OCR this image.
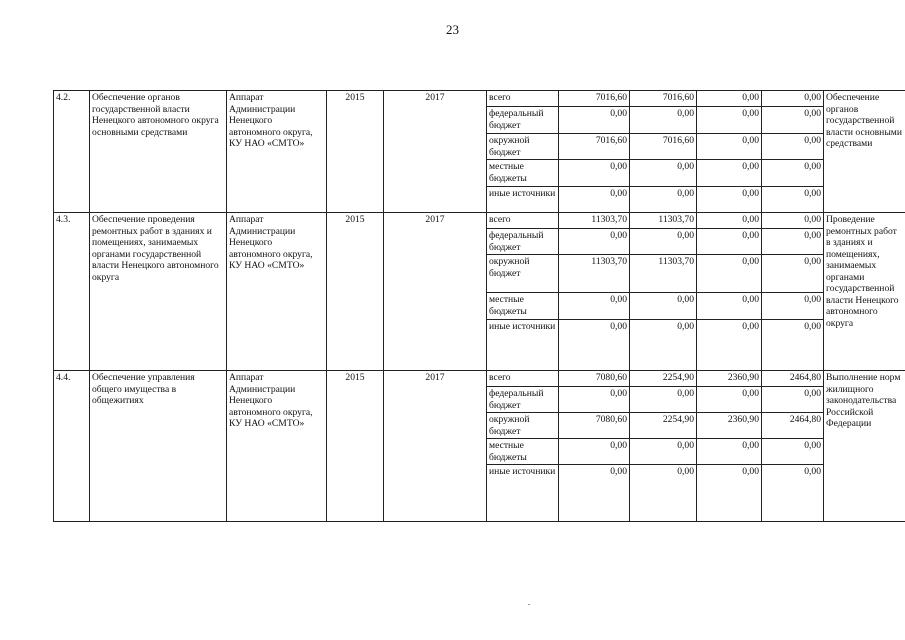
23
4.2.	Обеспечение органов государственной власти Ненецкого автономного округа основными средствами	Аппарат Администрации Ненецкого автономного округа, КУ НАО «СМТО»	2015	2017	всего	7016,60	7016,60	0,00	0,00	Обеспечение органов государственной власти основными средствами
					федеральный бюджет	0,00	0,00	0,00	0,00	
					окружной бюджет	7016,60	7016,60	0,00	0,00	
					местные бюджеты	0,00	0,00	0,00	0,00	
					иные источники	0,00	0,00	0,00	0,00	
4.3.	Обеспечение проведения ремонтных работ в зданиях и помещениях, занимаемых органами государственной власти Ненецкого автономного округа	Аппарат Администрации Ненецкого автономного округа, КУ НАО «СМТО»	2015	2017	всего	11303,70	11303,70	0,00	0,00	Проведение ремонтных работ в зданиях и помещениях, занимаемых органами государственной власти Ненецкого автономного округа
					федеральный бюджет	0,00	0,00	0,00	0,00	
					окружной бюджет	11303,70	11303,70	0,00	0,00	
					местные бюджеты	0,00	0,00	0,00	0,00	
					иные источники	0,00	0,00	0,00	0,00	
4.4.	Обеспечение управления общего имущества в общежитиях	Аппарат Администрации Ненецкого автономного округа, КУ НАО «СМТО»	2015	2017	всего	7080,60	2254,90	2360,90	2464,80	Выполнение норм жилищного законодательства Российской Федерации
					федеральный бюджет	0,00	0,00	0,00	0,00	
					окружной бюджет	7080,60	2254,90	2360,90	2464,80	
					местные бюджеты	0,00	0,00	0,00	0,00	
					иные источники	0,00	0,00	0,00	0,00	
